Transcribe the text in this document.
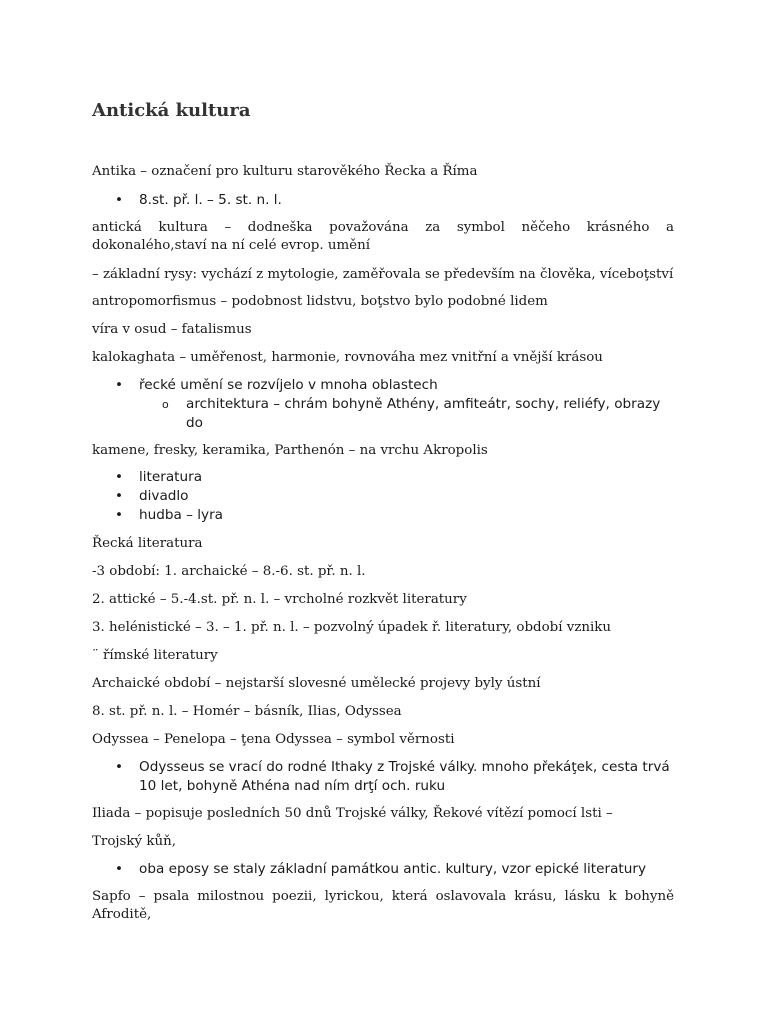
Antická kultura

Antika – označení pro kulturu starověkého Řecka a Říma

• 8.st. př. l. – 5. st. n. l.

antická kultura – dodneška považována za symbol něčeho krásného a dokonalého,staví na ní celé evrop. umění

– základní rysy: vychází z mytologie, zaměřovala se především na člověka, víceboţství

antropomorfismus – podobnost lidstvu, boţstvo bylo podobné lidem

víra v osud – fatalismus

kalokaghata – uměřenost, harmonie, rovnováha mez vnitřní a vnější krásou

• řecké umění se rozvíjelo v mnoha oblastech

o architektura – chrám bohyně Athény, amfiteátr, sochy, reliéfy, obrazy do

kamene, fresky, keramika, Parthenón – na vrchu Akropolis

• literatura

• divadlo

• hudba – lyra

Řecká literatura

-3 období: 1. archaické – 8.-6. st. př. n. l.

2. attické – 5.-4.st. př. n. l. – vrcholné rozkvět literatury

3. helénistické – 3. – 1. př. n. l. – pozvolný úpadek ř. literatury, období vzniku

¨ římské literatury

Archaické období – nejstarší slovesné umělecké projevy byly ústní

8. st. př. n. l. – Homér – básník, Ilias, Odyssea

Odyssea – Penelopa – ţena Odyssea – symbol věrnosti

• Odysseus se vrací do rodné Ithaky z Trojské války. mnoho překáţek, cesta trvá 10 let, bohyně Athéna nad ním drţí och. ruku

Iliada – popisuje posledních 50 dnů Trojské války, Řekové vítězí pomocí lsti –

Trojský kůň,

• oba eposy se staly základní památkou antic. kultury, vzor epické literatury

Sapfo – psala milostnou poezii, lyrickou, která oslavovala krásu, lásku k bohyně Afroditě,
